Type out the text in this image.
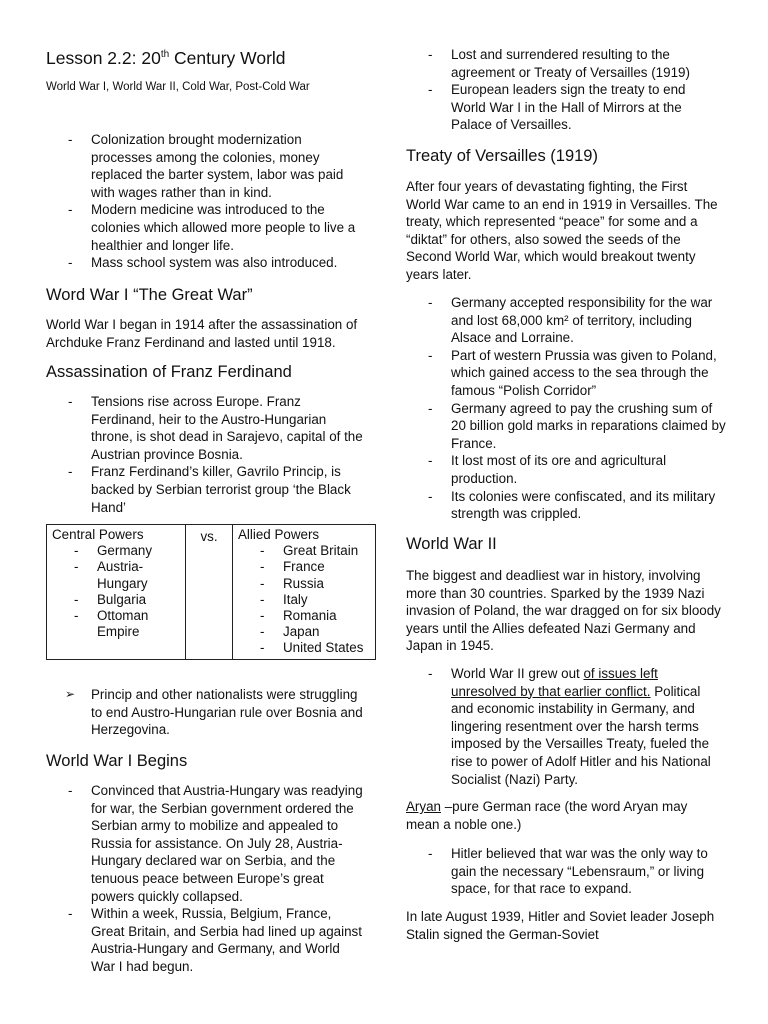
Lesson 2.2: 20th Century World
World War I, World War II, Cold War, Post-Cold War
- Colonization brought modernization processes among the colonies, money replaced the barter system, labor was paid with wages rather than in kind.
- Modern medicine was introduced to the colonies which allowed more people to live a healthier and longer life.
- Mass school system was also introduced.
Word War I “The Great War”

World War I began in 1914 after the assassination of Archduke Franz Ferdinand and lasted until 1918.

Assassination of Franz Ferdinand
- Tensions rise across Europe. Franz Ferdinand, heir to the Austro-Hungarian throne, is shot dead in Sarajevo, capital of the Austrian province Bosnia.
- Franz Ferdinand’s killer, Gavrilo Princip, is backed by Serbian terrorist group ‘the Black Hand’
Central Powers
- Germany
- Austria-Hungary
- Bulgaria
- Ottoman Empire
	vs.	Allied Powers
- Great Britain
- France
- Russia
- Italy
- Romania
- Japan
- United States
➢ Princip and other nationalists were struggling to end Austro-Hungarian rule over Bosnia and Herzegovina.
World War I Begins
- Convinced that Austria-Hungary was readying for war, the Serbian government ordered the Serbian army to mobilize and appealed to Russia for assistance. On July 28, Austria-Hungary declared war on Serbia, and the tenuous peace between Europe’s great powers quickly collapsed.
- Within a week, Russia, Belgium, France, Great Britain, and Serbia had lined up against Austria-Hungary and Germany, and World War I had begun.
- Lost and surrendered resulting to the agreement or Treaty of Versailles (1919)
- European leaders sign the treaty to end World War I in the Hall of Mirrors at the Palace of Versailles.
Treaty of Versailles (1919)

After four years of devastating fighting, the First World War came to an end in 1919 in Versailles. The treaty, which represented “peace” for some and a “diktat” for others, also sowed the seeds of the Second World War, which would breakout twenty years later.

- Germany accepted responsibility for the war and lost 68,000 km² of territory, including Alsace and Lorraine.
- Part of western Prussia was given to Poland, which gained access to the sea through the famous “Polish Corridor”
- Germany agreed to pay the crushing sum of 20 billion gold marks in reparations claimed by France.
- It lost most of its ore and agricultural production.
- Its colonies were confiscated, and its military strength was crippled.
World War II

The biggest and deadliest war in history, involving more than 30 countries. Sparked by the 1939 Nazi invasion of Poland, the war dragged on for six bloody years until the Allies defeated Nazi Germany and Japan in 1945.

- World War II grew out of issues left unresolved by that earlier conflict. Political and economic instability in Germany, and lingering resentment over the harsh terms imposed by the Versailles Treaty, fueled the rise to power of Adolf Hitler and his National Socialist (Nazi) Party.

Aryan –pure German race (the word Aryan may mean a noble one.)

- Hitler believed that war was the only way to gain the necessary “Lebensraum,” or living space, for that race to expand.

In late August 1939, Hitler and Soviet leader Joseph Stalin signed the German-Soviet
